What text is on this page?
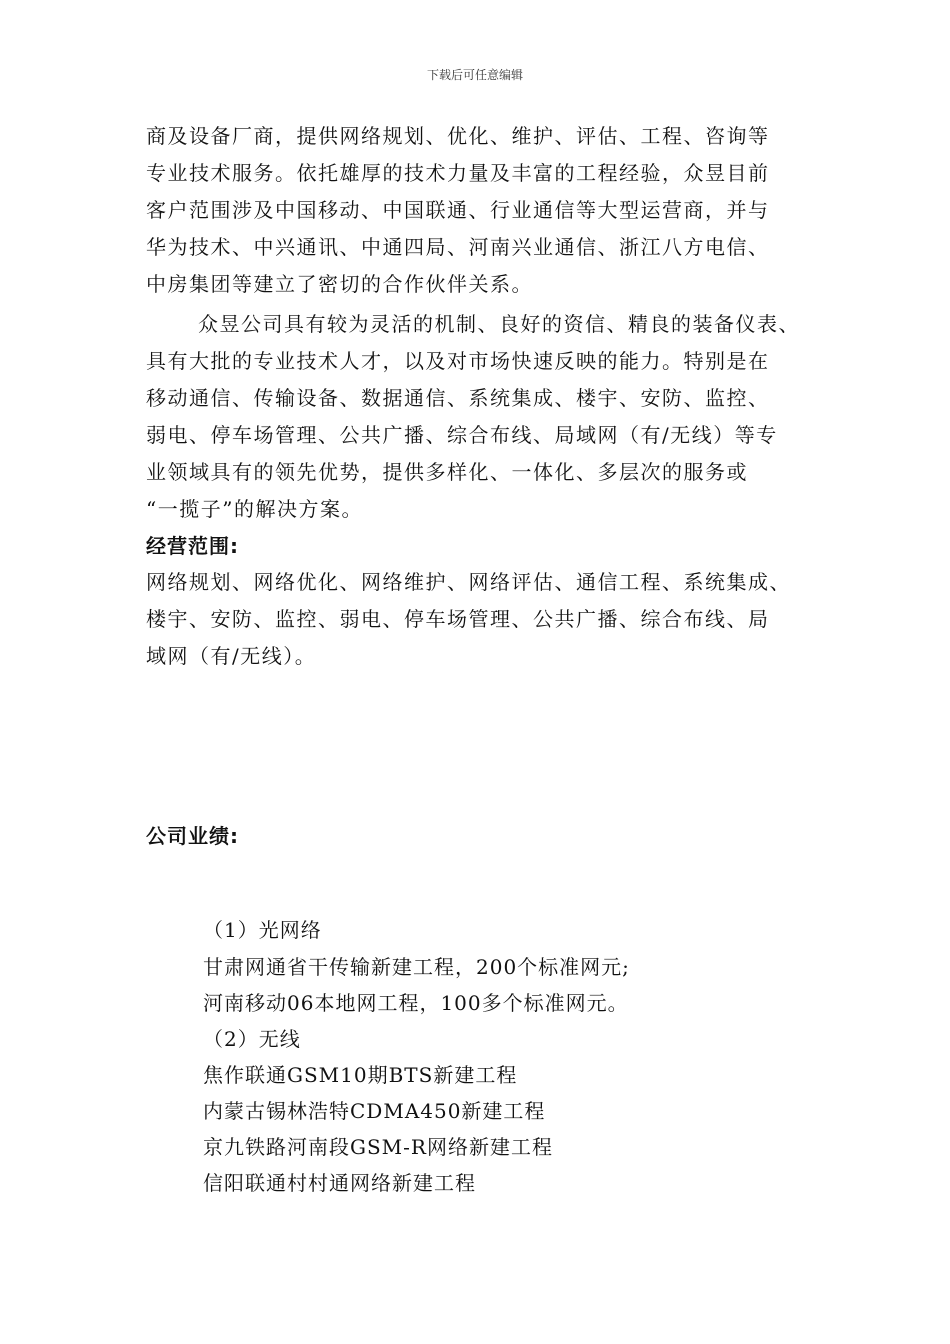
下载后可任意编辑
商及设备厂商，提供网络规划、优化、维护、评估、工程、咨询等
专业技术服务。依托雄厚的技术力量及丰富的工程经验，众昱目前
客户范围涉及中国移动、中国联通、行业通信等大型运营商，并与
华为技术、中兴通讯、中通四局、河南兴业通信、浙江八方电信、
中房集团等建立了密切的合作伙伴关系。
众昱公司具有较为灵活的机制、良好的资信、精良的装备仪表、
具有大批的专业技术人才，以及对市场快速反映的能力。特别是在
移动通信、传输设备、数据通信、系统集成、楼宇、安防、监控、
弱电、停车场管理、公共广播、综合布线、局域网（有/无线）等专
业领域具有的领先优势，提供多样化、一体化、多层次的服务或
“一揽子”的解决方案。
经营范围:
网络规划、网络优化、网络维护、网络评估、通信工程、系统集成、
楼宇、安防、监控、弱电、停车场管理、公共广播、综合布线、局
域网（有/无线）。
公司业绩:
（1）光网络
甘肃网通省干传输新建工程，200个标准网元;
河南移动06本地网工程，100多个标准网元。
（2）无线
焦作联通GSM10期BTS新建工程
内蒙古锡林浩特CDMA450新建工程
京九铁路河南段GSM-R网络新建工程
信阳联通村村通网络新建工程
